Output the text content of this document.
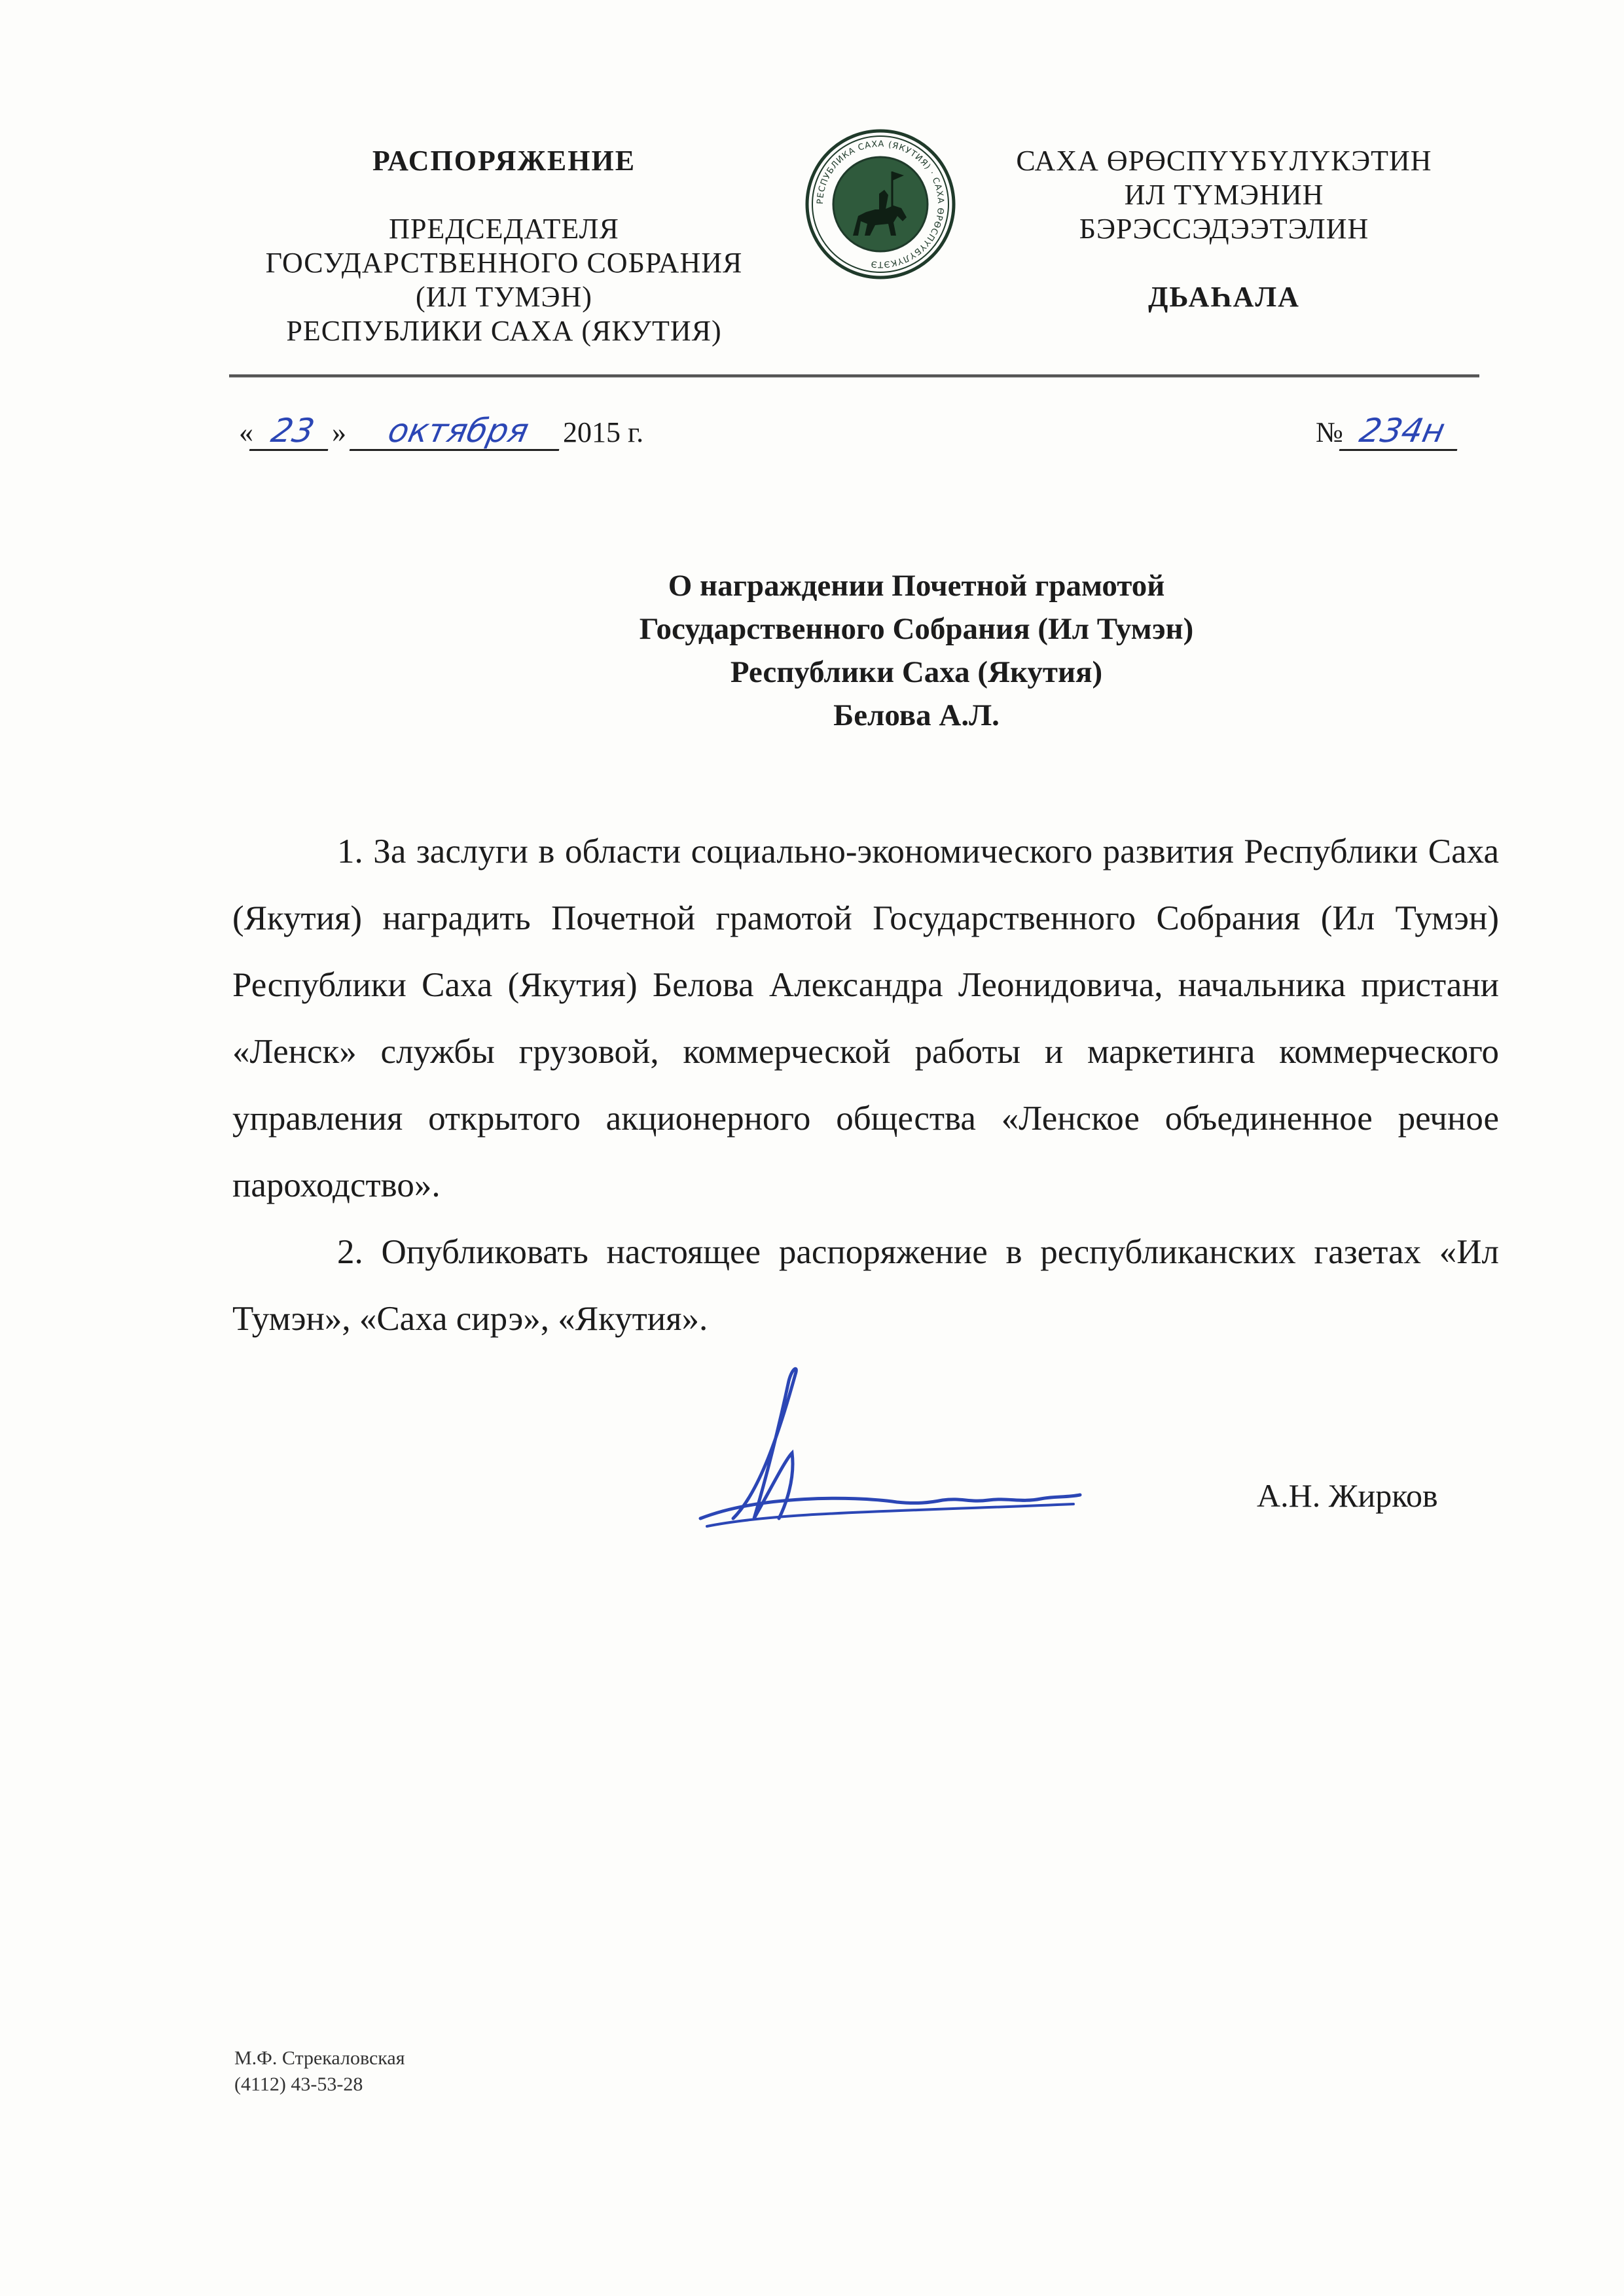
РАСПОРЯЖЕНИЕ
ПРЕДСЕДАТЕЛЯ
ГОСУДАРСТВЕННОГО СОБРАНИЯ
(ИЛ ТУМЭН)
РЕСПУБЛИКИ САХА (ЯКУТИЯ)
РЕСПУБЛИКА САХА (ЯКУТИЯ) · САХА ӨРӨСПҮҮБҮЛҮКЭТЭ
САХА ӨРӨСПҮҮБҮЛҮКЭТИН
ИЛ ТҮМЭНИН
БЭРЭССЭДЭЭТЭЛИН
ДЬАҺАЛА
« 23 » октября 2015 г.	№ 234н
О награждении Почетной грамотой
Государственного Собрания (Ил Тумэн)
Республики Саха (Якутия)
Белова А.Л.

1. За заслуги в области социально-экономического развития Республики Саха (Якутия) наградить Почетной грамотой Государственного Собрания (Ил Тумэн) Республики Саха (Якутия) Белова Александра Леонидовича, начальника пристани «Ленск» службы грузовой, коммерческой работы и маркетинга коммерческого управления открытого акционерного общества «Ленское объединенное речное пароходство».

2. Опубликовать настоящее распоряжение в республиканских газетах «Ил Тумэн», «Саха сирэ», «Якутия».

А.Н. Жирков
М.Ф. Стрекаловская
(4112) 43-53-28
